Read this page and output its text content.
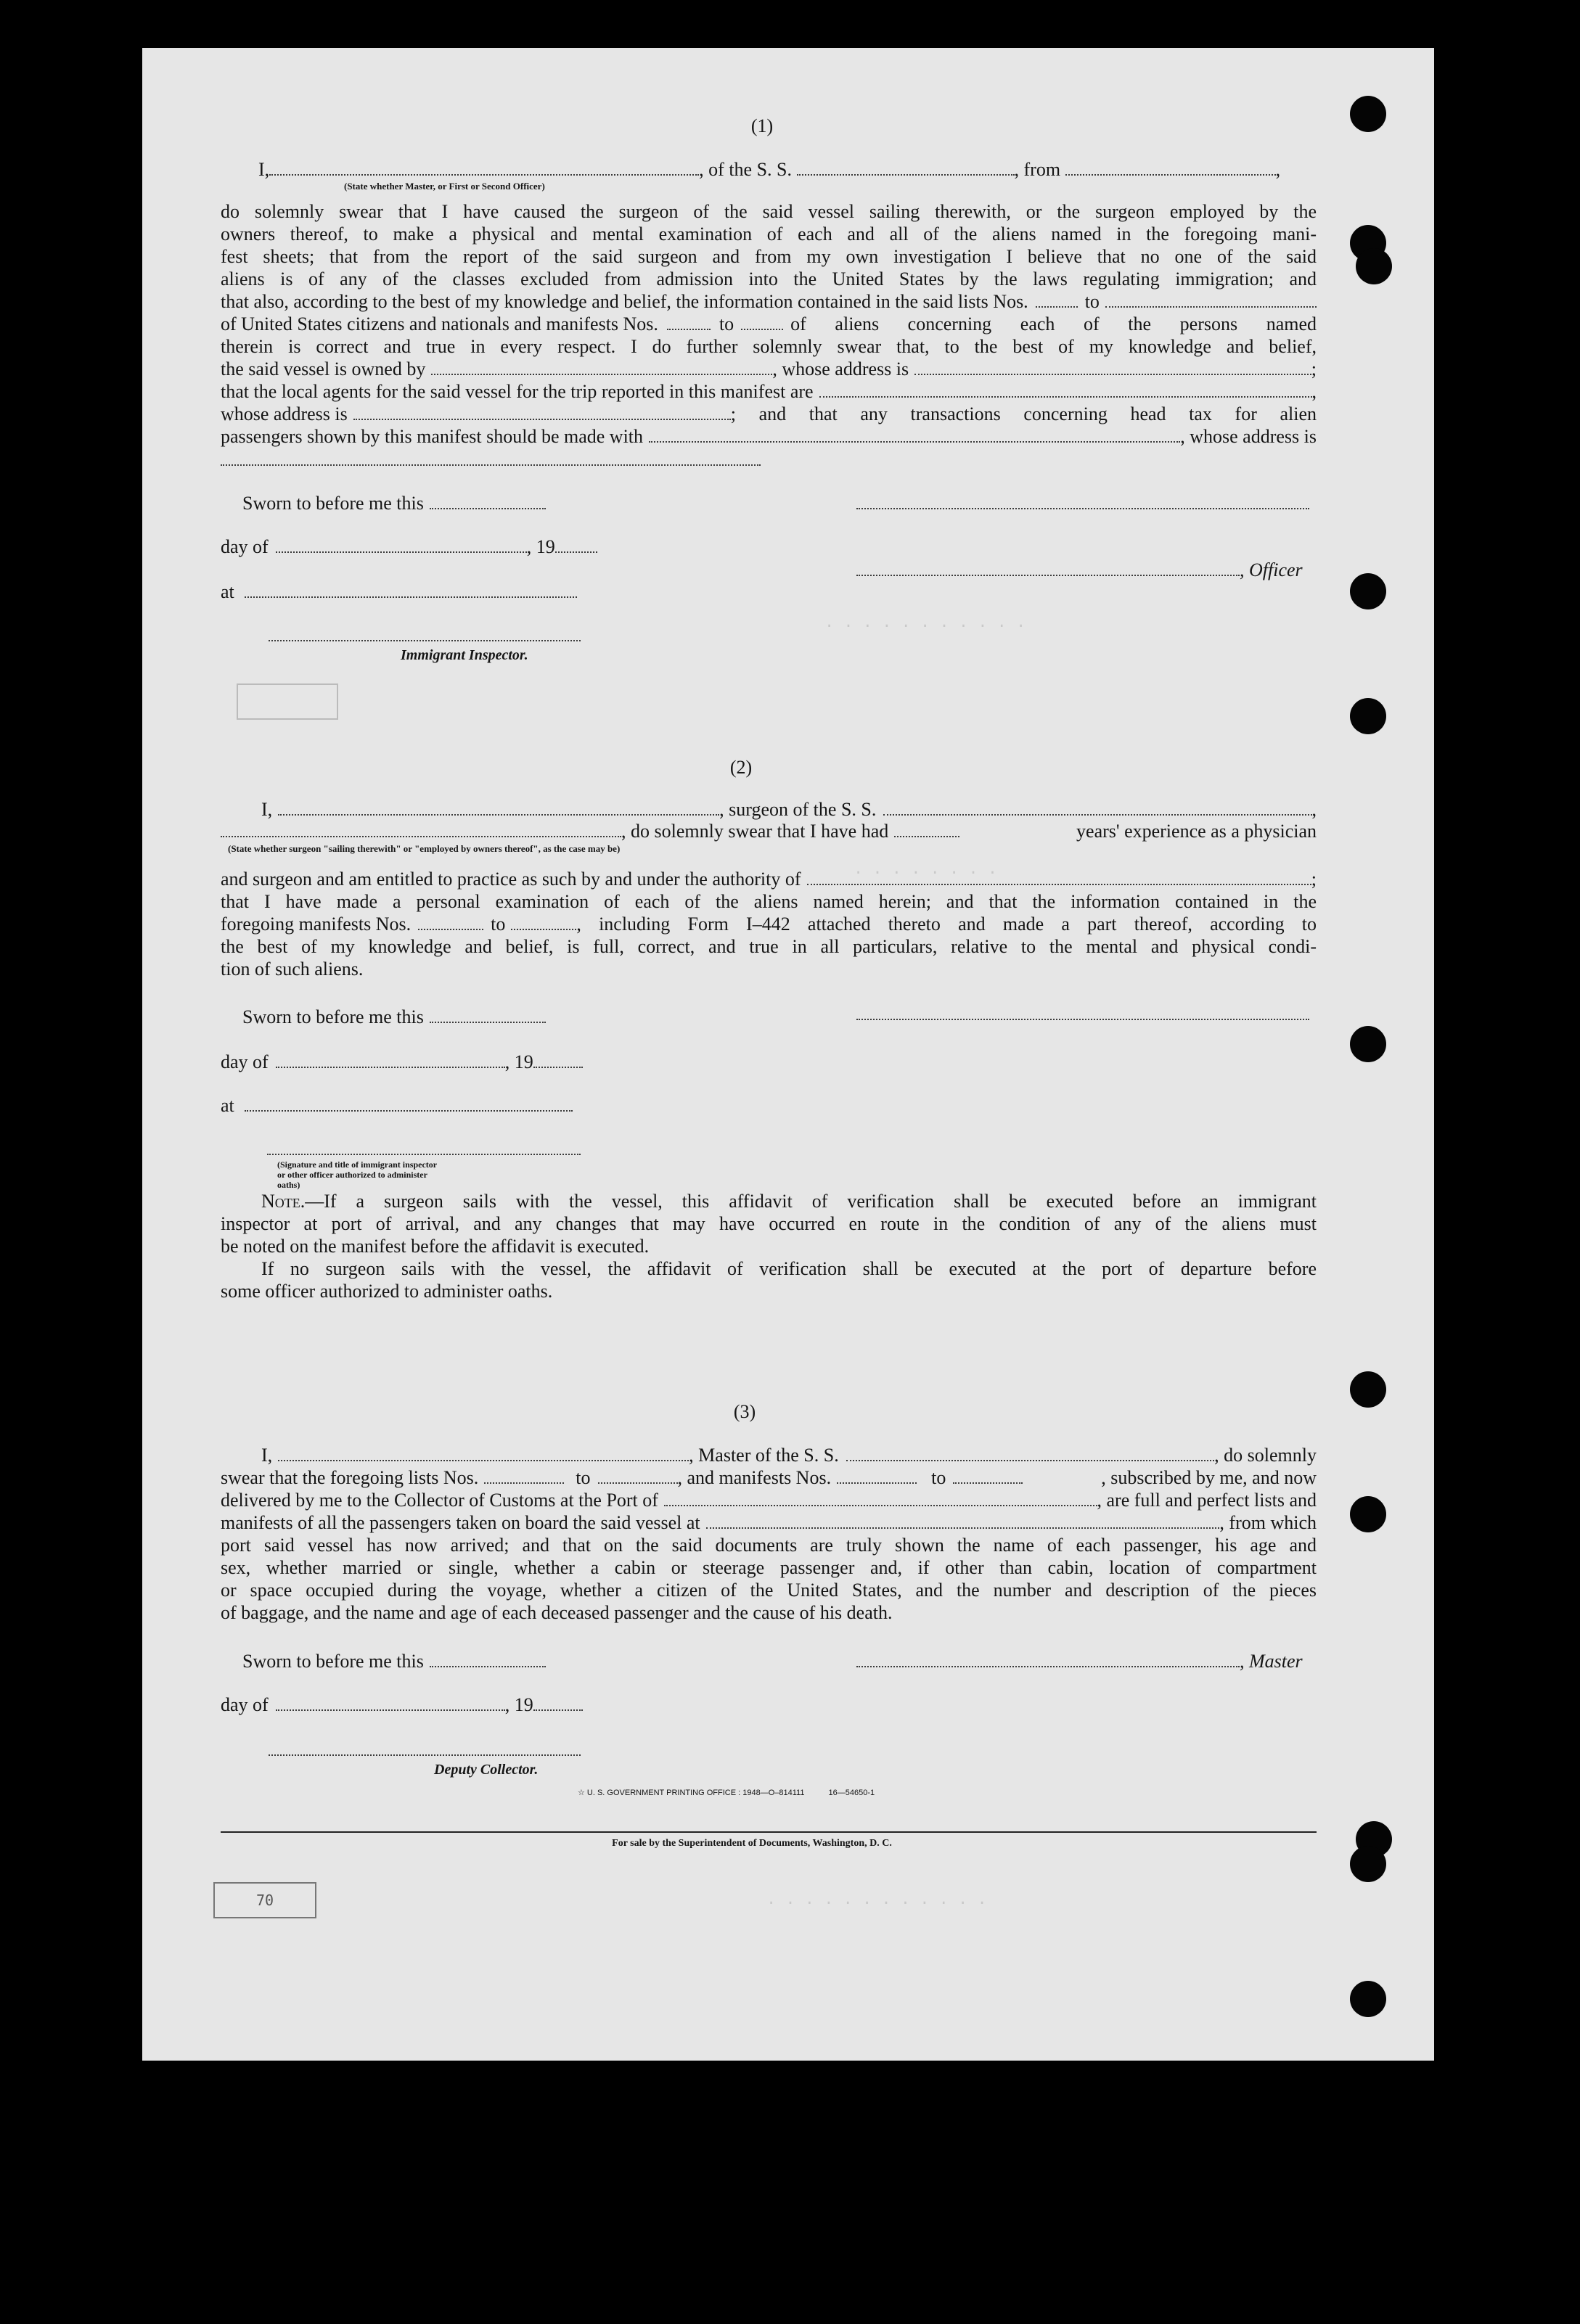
. . . . . . . . . . .
. . . . . . . .
. . . . . . . . . . . .
(1)
I,	, of the S. S.	, from	,
(State whether Master, or First or Second Officer)
do solemnly swear that I have caused the surgeon of the said vessel sailing therewith, or the surgeon employed by the
owners thereof, to make a physical and mental examination of each and all of the aliens named in the foregoing mani-
fest sheets; that from the report of the said surgeon and from my own investigation I believe that no one of the said
aliens is of any of the classes excluded from admission into the United States by the laws regulating immigration; and
that also, according to the best of my knowledge and belief, the information contained in the said lists Nos.	to
of United States citizens and nationals and manifests Nos.	to	of aliens concerning each of the persons named
therein is correct and true in every respect. I do further solemnly swear that, to the best of my knowledge and belief,
the said vessel is owned by	, whose address is	;
that the local agents for the said vessel for the trip reported in this manifest are	,
whose address is	; and that any transactions concerning head tax for alien
passengers shown by this manifest should be made with	, whose address is
Sworn to before me this
day of	, 19
at
Immigrant Inspector.
, Officer
(2)
I,	, surgeon of the S. S.	,
, do solemnly swear that I have had	years' experience as a physician
(State whether surgeon "sailing therewith" or "employed by owners thereof", as the case may be)
and surgeon and am entitled to practice as such by and under the authority of	;
that I have made a personal examination of each of the aliens named herein; and that the information contained in the
foregoing manifests Nos.	to	, including Form I–442 attached thereto and made a part thereof, according to
the best of my knowledge and belief, is full, correct, and true in all particulars, relative to the mental and physical condi-
tion of such aliens.
Sworn to before me this
day of	, 19
at
(Signature and title of immigrant inspector or other officer authorized to administer oaths)
Note.—If a surgeon sails with the vessel, this affidavit of verification shall be executed before an immigrant
inspector at port of arrival, and any changes that may have occurred en route in the condition of any of the aliens must
be noted on the manifest before the affidavit is executed.
If no surgeon sails with the vessel, the affidavit of verification shall be executed at the port of departure before
some officer authorized to administer oaths.
(3)
I,	, Master of the S. S.	, do solemnly
swear that the foregoing lists Nos.	to	, and manifests Nos.	to	, subscribed by me, and now
delivered by me to the Collector of Customs at the Port of	, are full and perfect lists and
manifests of all the passengers taken on board the said vessel at	, from which
port said vessel has now arrived; and that on the said documents are truly shown the name of each passenger, his age and
sex, whether married or single, whether a cabin or steerage passenger and, if other than cabin, location of compartment
or space occupied during the voyage, whether a citizen of the United States, and the number and description of the pieces
of baggage, and the name and age of each deceased passenger and the cause of his death.
Sworn to before me this	, Master
day of	, 19
Deputy Collector.
☆ U. S. GOVERNMENT PRINTING OFFICE : 1948—O–814111	16—54650-1
For sale by the Superintendent of Documents, Washington, D. C.
70
